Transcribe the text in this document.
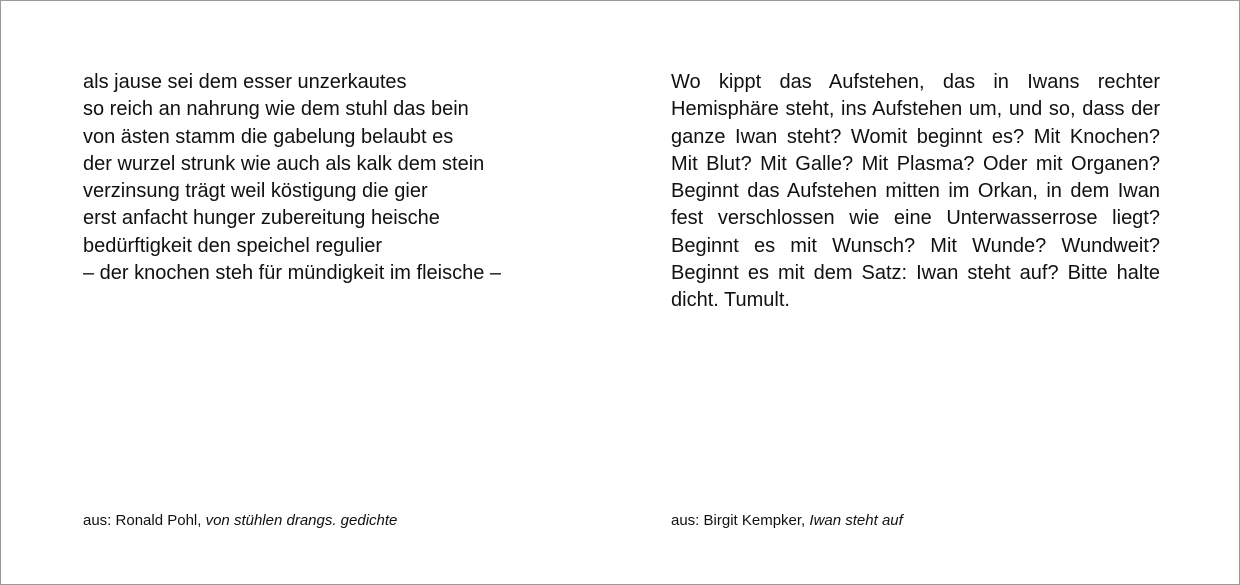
als jause sei dem esser unzerkautes
so reich an nahrung wie dem stuhl das bein
von ästen stamm die gabelung belaubt es
der wurzel strunk wie auch als kalk dem stein
verzinsung trägt weil köstigung die gier
erst anfacht hunger zubereitung heische
bedürftigkeit den speichel regulier
– der knochen steh für mündigkeit im fleische –

Wo kippt das Aufstehen, das in Iwans rechter Hemisphäre steht, ins Aufstehen um, und so, dass der ganze Iwan steht? Womit beginnt es? Mit Knochen? Mit Blut? Mit Galle? Mit Plasma? Oder mit Organen? Beginnt das Aufstehen mitten im Orkan, in dem Iwan fest verschlossen wie eine Unterwasserrose liegt? Beginnt es mit Wunsch? Mit Wunde? Wundweit? Beginnt es mit dem Satz: Iwan steht auf? Bitte halte dicht. Tumult.

aus: Ronald Pohl, von stühlen drangs. gedichte	aus: Birgit Kempker, Iwan steht auf
